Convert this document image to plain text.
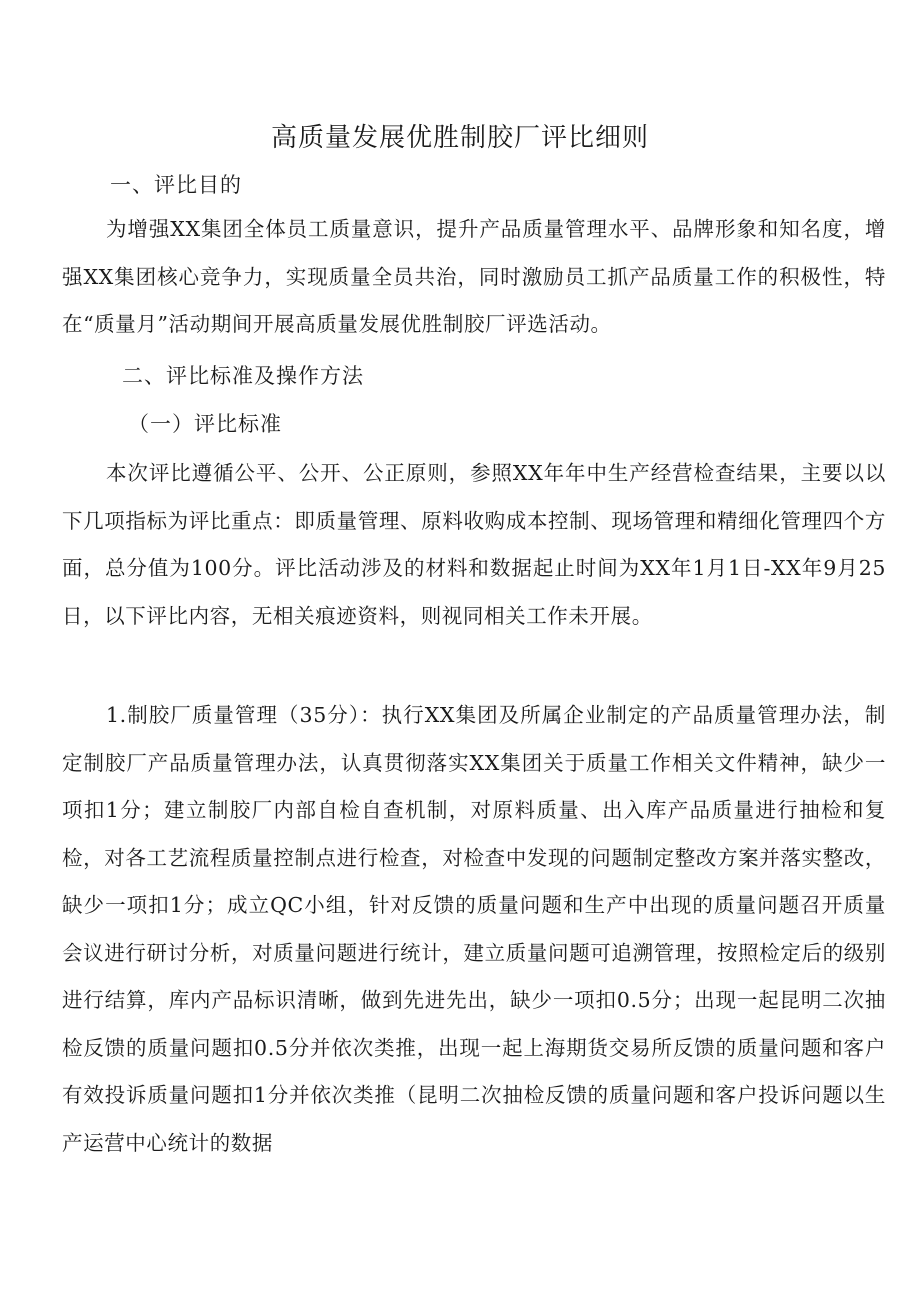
高质量发展优胜制胶厂评比细则
一、评比目的
为增强XX集团全体员工质量意识，提升产品质量管理水平、品牌形象和知名度，增强XX集团核心竞争力，实现质量全员共治，同时激励员工抓产品质量工作的积极性，特在“质量月”活动期间开展高质量发展优胜制胶厂评选活动。
二、评比标准及操作方法
（一）评比标准
本次评比遵循公平、公开、公正原则，参照XX年年中生产经营检查结果，主要以以下几项指标为评比重点：即质量管理、原料收购成本控制、现场管理和精细化管理四个方面，总分值为100分。评比活动涉及的材料和数据起止时间为XX年1月1日-XX年9月25日，以下评比内容，无相关痕迹资料，则视同相关工作未开展。
1.制胶厂质量管理（35分）：执行XX集团及所属企业制定的产品质量管理办法，制定制胶厂产品质量管理办法，认真贯彻落实XX集团关于质量工作相关文件精神，缺少一项扣1分；建立制胶厂内部自检自查机制，对原料质量、出入库产品质量进行抽检和复检，对各工艺流程质量控制点进行检查，对检查中发现的问题制定整改方案并落实整改，缺少一项扣1分；成立QC小组，针对反馈的质量问题和生产中出现的质量问题召开质量会议进行研讨分析，对质量问题进行统计，建立质量问题可追溯管理，按照检定后的级别进行结算，库内产品标识清晰，做到先进先出，缺少一项扣0.5分；出现一起昆明二次抽检反馈的质量问题扣0.5分并依次类推，出现一起上海期货交易所反馈的质量问题和客户有效投诉质量问题扣1分并依次类推（昆明二次抽检反馈的质量问题和客户投诉问题以生产运营中心统计的数据
